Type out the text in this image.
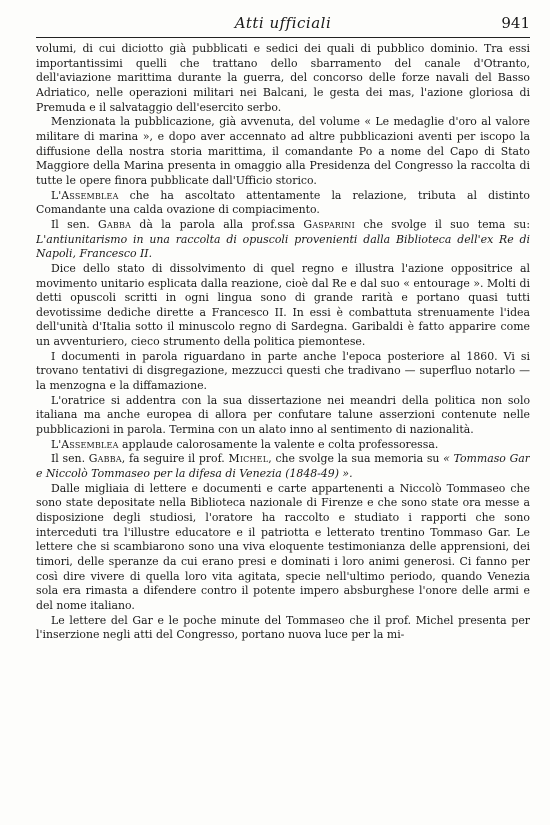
Atti ufficiali	941

volumi, di cui diciotto già pubblicati e sedici dei quali di pubblico dominio. Tra essi importantissimi quelli che trattano dello sbarramento del canale d'Otranto, dell'aviazione marittima durante la guerra, del concorso delle forze navali del Basso Adriatico, nelle operazioni militari nei Balcani, le gesta dei mas, l'azione gloriosa di Premuda e il salvataggio dell'esercito serbo.

Menzionata la pubblicazione, già avvenuta, del volume « Le medaglie d'oro al valore militare di marina », e dopo aver accennato ad altre pubblicazioni aventi per iscopo la diffusione della nostra storia marittima, il comandante Po a nome del Capo di Stato Maggiore della Marina presenta in omaggio alla Presidenza del Congresso la raccolta di tutte le opere finora pubblicate dall'Ufficio storico.

L'Assemblea che ha ascoltato attentamente la relazione, tributa al distinto Comandante una calda ovazione di compiacimento.

Il sen. Gabba dà la parola alla prof.ssa Gasparini che svolge il suo tema su: L'antiunitarismo in una raccolta di opuscoli provenienti dalla Biblioteca dell'ex Re di Napoli, Francesco II.

Dice dello stato di dissolvimento di quel regno e illustra l'azione oppositrice al movimento unitario esplicata dalla reazione, cioè dal Re e dal suo « entourage ». Molti di detti opuscoli scritti in ogni lingua sono di grande rarità e portano quasi tutti devotissime dediche dirette a Francesco II. In essi è combattuta strenuamente l'idea dell'unità d'Italia sotto il minuscolo regno di Sardegna. Garibaldi è fatto apparire come un avventuriero, cieco strumento della politica piemontese.

I documenti in parola riguardano in parte anche l'epoca posteriore al 1860. Vi si trovano tentativi di disgregazione, mezzucci questi che tradivano — superfluo notarlo — la menzogna e la diffamazione.

L'oratrice si addentra con la sua dissertazione nei meandri della politica non solo italiana ma anche europea di allora per confutare talune asserzioni contenute nelle pubblicazioni in parola. Termina con un alato inno al sentimento di nazionalità.

L'Assemblea applaude calorosamente la valente e colta professoressa.

Il sen. Gabba, fa seguire il prof. Michel, che svolge la sua memoria su « Tommaso Gar e Niccolò Tommaseo per la difesa di Venezia (1848-49) ».

Dalle migliaia di lettere e documenti e carte appartenenti a Niccolò Tommaseo che sono state depositate nella Biblioteca nazionale di Firenze e che sono state ora messe a disposizione degli studiosi, l'oratore ha raccolto e studiato i rapporti che sono interceduti tra l'illustre educatore e il patriotta e letterato trentino Tommaso Gar. Le lettere che si scambiarono sono una viva eloquente testimonianza delle apprensioni, dei timori, delle speranze da cui erano presi e dominati i loro animi generosi. Ci fanno per così dire vivere di quella loro vita agitata, specie nell'ultimo periodo, quando Venezia sola era rimasta a difendere contro il potente impero absburghese l'onore delle armi e del nome italiano.

Le lettere del Gar e le poche minute del Tommaseo che il prof. Michel presenta per l'inserzione negli atti del Congresso, portano nuova luce per la mi-
